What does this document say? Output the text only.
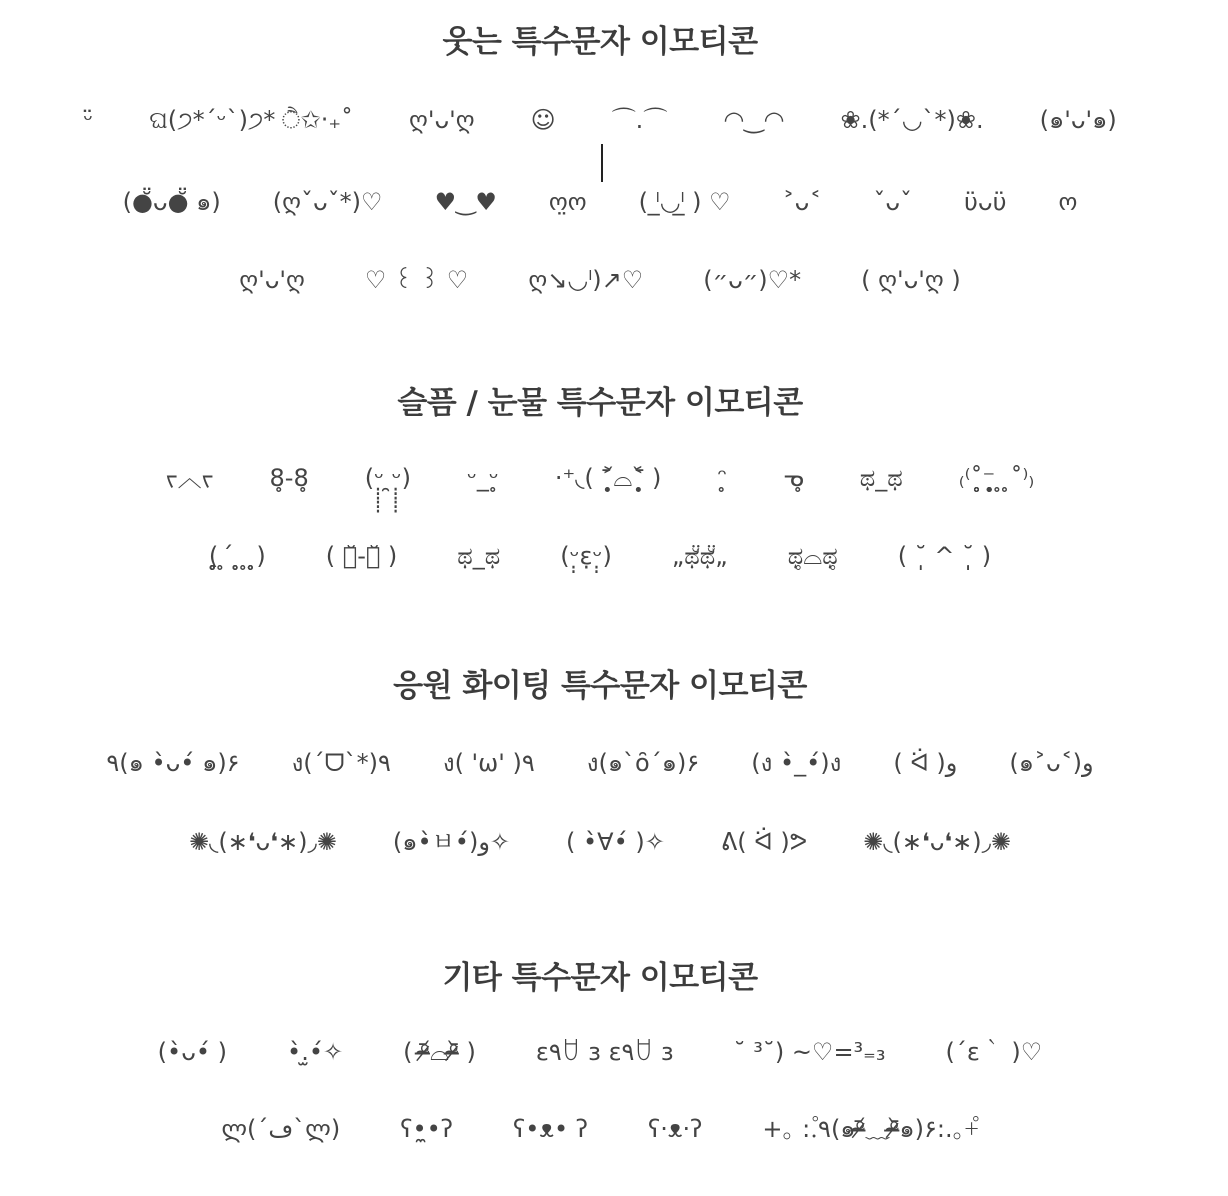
웃는 특수문자 이모티콘
ᵕ̈ ଘ(੭*ˊᵕˋ)੭* ੈ✩‧₊˚ ღ'ᴗ'ღ ☺ ⌒.⌒ ◠‿◠ ❀.(*´◡`*)❀. (๑'ᴗ'๑)
(●̆̈ᴗ●̆̈ ๑) (ღˇᴗˇ*)♡ ♥‿♥ ო̤ო ( ˡ̲◡ˡ̲ ) ♡ ˃ᴗ˂ ˇᴗˇ ϋᴗϋ ო
ღ'ᴗ'ღ	♡ ꒰ ꒱ ♡	ღ↘◡ˡ)↗♡	(״ᴗ״)♡*	( ღ'ᴗ'ღ )
슬픔 / 눈물 특수문자 이모티콘
ᠵ︿ᠵ 8̥-8̥ (ᵕ̣̣̣̣̣̣ ̯ᵕ̣̣̣̣̣̣) ᵕ_ᵕ̥ ·⁺◟( ˃̣̣̥᷄⌓˂̣̣̥᷅ ) ᵔ̥ ᓀ̥ ಥ_ಥ ₍⁽˚̥̥̥̥⁻̣̣̣̣̥̥̥̥ ̥ ̥˚⁾₎
(̥̥̥̥̥̥̥̥ ̥ ́ ̥̥̥̥̥ ̥ ̥̥̥̥)	( ・̆-・̆ )	ಥ_ಥ	(ᵕ̣̣ε̣̣ᵕ̣̣)	„ಥ̆̈ಥ̆̈„	ಥ̥⌓ಥ̥	( ˘̩̩̩̩ ^ ˘̩̩̩̩ )
응원 화이팅 특수문자 이모티콘
٩(๑ •̀ᴗ•́ ๑)۶ ง(´ᗜ`*)٩ ง( 'ω' )٩ ง(๑`ȏ´๑)۶ (ง •̀_•́)ง ( ᐛ )و (๑˃ᴗ˂)ﻭ
✺◟(∗❛ᴗ❛∗)◞✺ (๑•̀ㅂ•́)و✧ ( •̀∀•́ )✧ ᕕ( ᐛ )ᕗ ✺◟(∗❛ᴗ❛∗)◞✺
기타 특수문자 이모티콘
(•̀ᴗ•́ )	•̀.̫•́✧	( ᵒ̴̶̷᷄⌓ᵒ̴̶̷᷅ )	ε٩ꇴ з ε٩ꇴ з	˘ ³˘) ~♡=³₌₃	(´ε｀ )♡
ლ(´ڡ`ლ)	ʕ•̼•ʔ	ʕ•ᴥ• ʔ	ʕ·ᴥ·ʔ	+｡ :.゚٩(๑ᵒ̴̶̷᷄﹏ᵒ̴̶̷᷅๑)۶:.｡+゚
